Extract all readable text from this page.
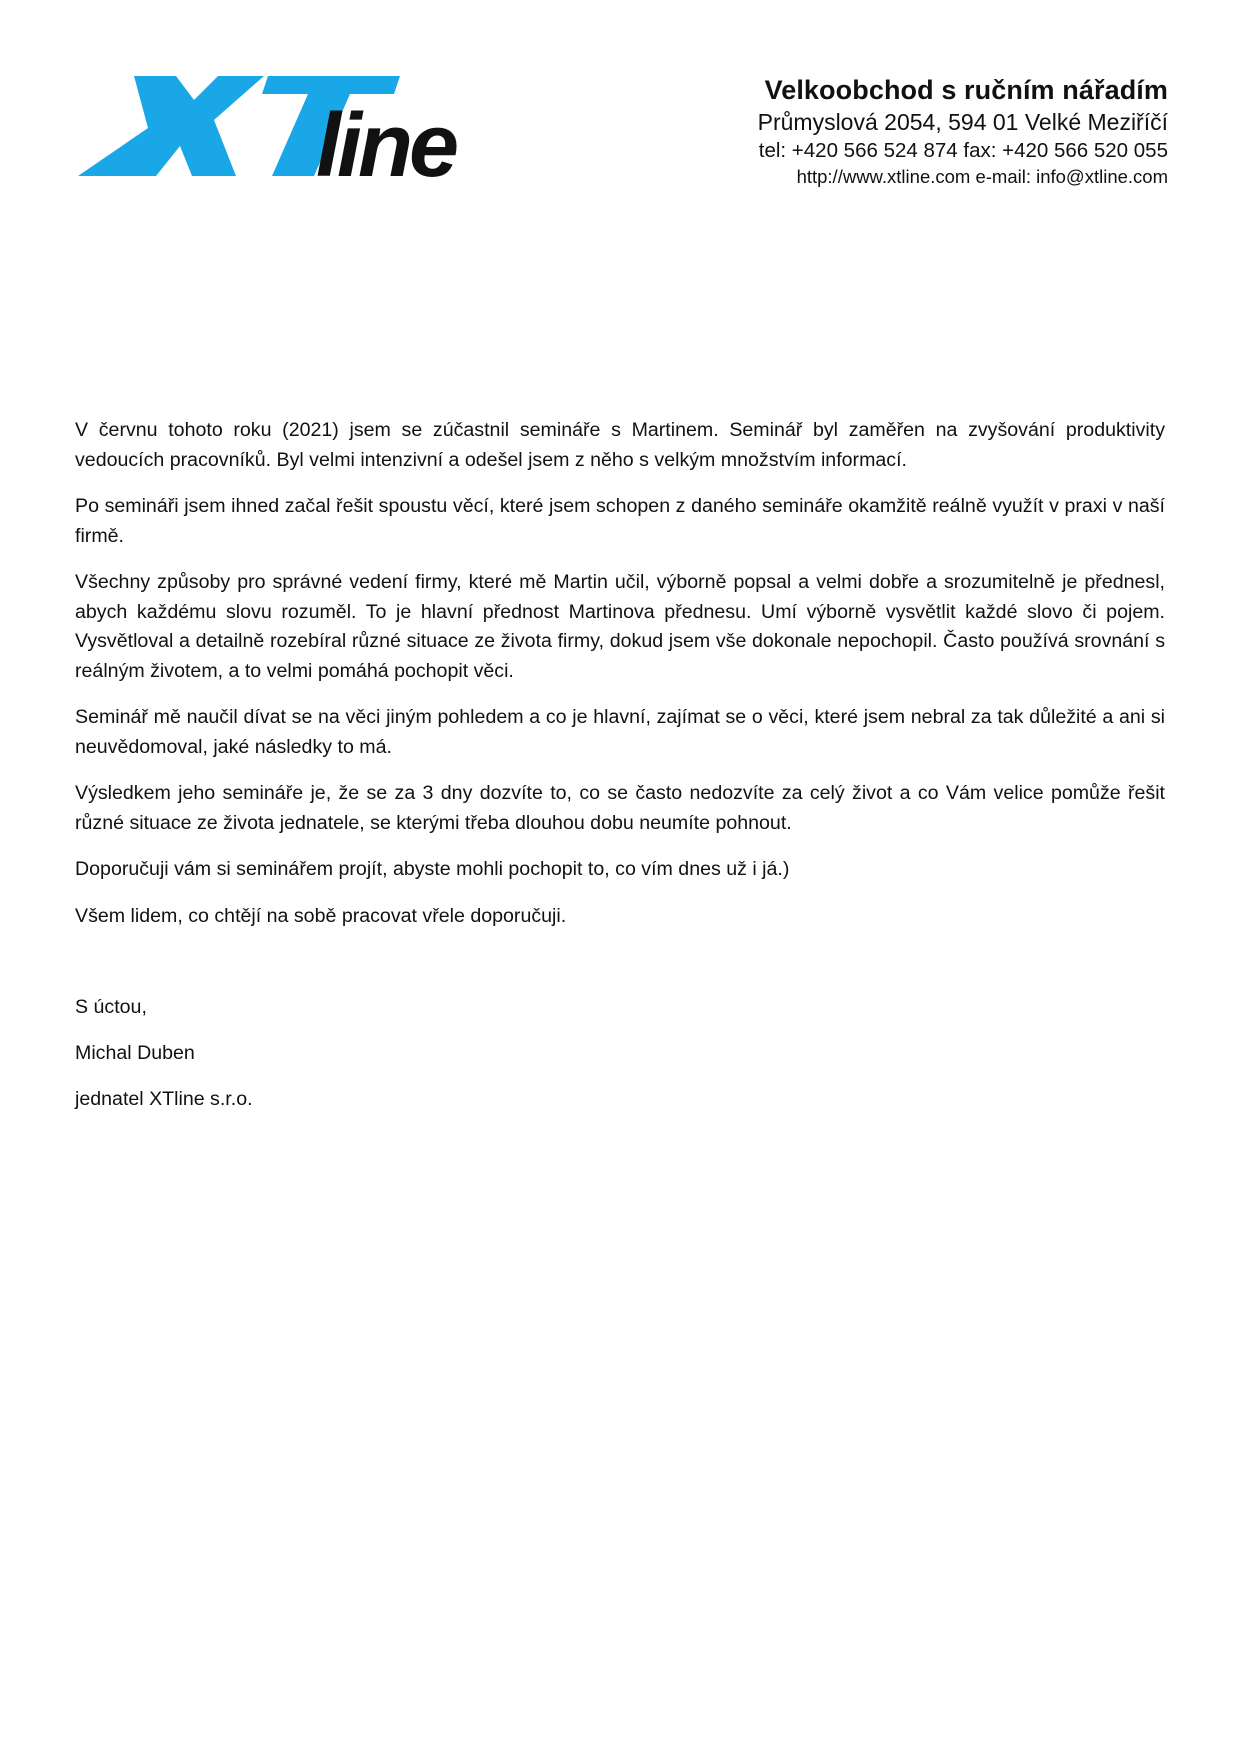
line
Velkoobchod s ručním nářadím
Průmyslová 2054, 594 01 Velké Meziříčí
tel: +420 566 524 874 fax: +420 566 520 055
http://www.xtline.com e-mail: info@xtline.com

V červnu tohoto roku (2021) jsem se zúčastnil semináře s Martinem. Seminář byl zaměřen na zvyšování produktivity vedoucích pracovníků. Byl velmi intenzivní a odešel jsem z něho s velkým množstvím informací.

Po semináři jsem ihned začal řešit spoustu věcí, které jsem schopen z daného semináře okamžitě reálně využít v praxi v naší firmě.

Všechny způsoby pro správné vedení firmy, které mě Martin učil, výborně popsal a velmi dobře a srozumitelně je přednesl, abych každému slovu rozuměl. To je hlavní přednost Martinova přednesu. Umí výborně vysvětlit každé slovo či pojem. Vysvětloval a detailně rozebíral různé situace ze života firmy, dokud jsem vše dokonale nepochopil. Často používá srovnání s reálným životem, a to velmi pomáhá pochopit věci.

Seminář mě naučil dívat se na věci jiným pohledem a co je hlavní, zajímat se o věci, které jsem nebral za tak důležité a ani si neuvědomoval, jaké následky to má.

Výsledkem jeho semináře je, že se za 3 dny dozvíte to, co se často nedozvíte za celý život a co Vám velice pomůže řešit různé situace ze života jednatele, se kterými třeba dlouhou dobu neumíte pohnout.

Doporučuji vám si seminářem projít, abyste mohli pochopit to, co vím dnes už i já.)

Všem lidem, co chtějí na sobě pracovat vřele doporučuji.

S úctou,

Michal Duben

jednatel XTline s.r.o.
